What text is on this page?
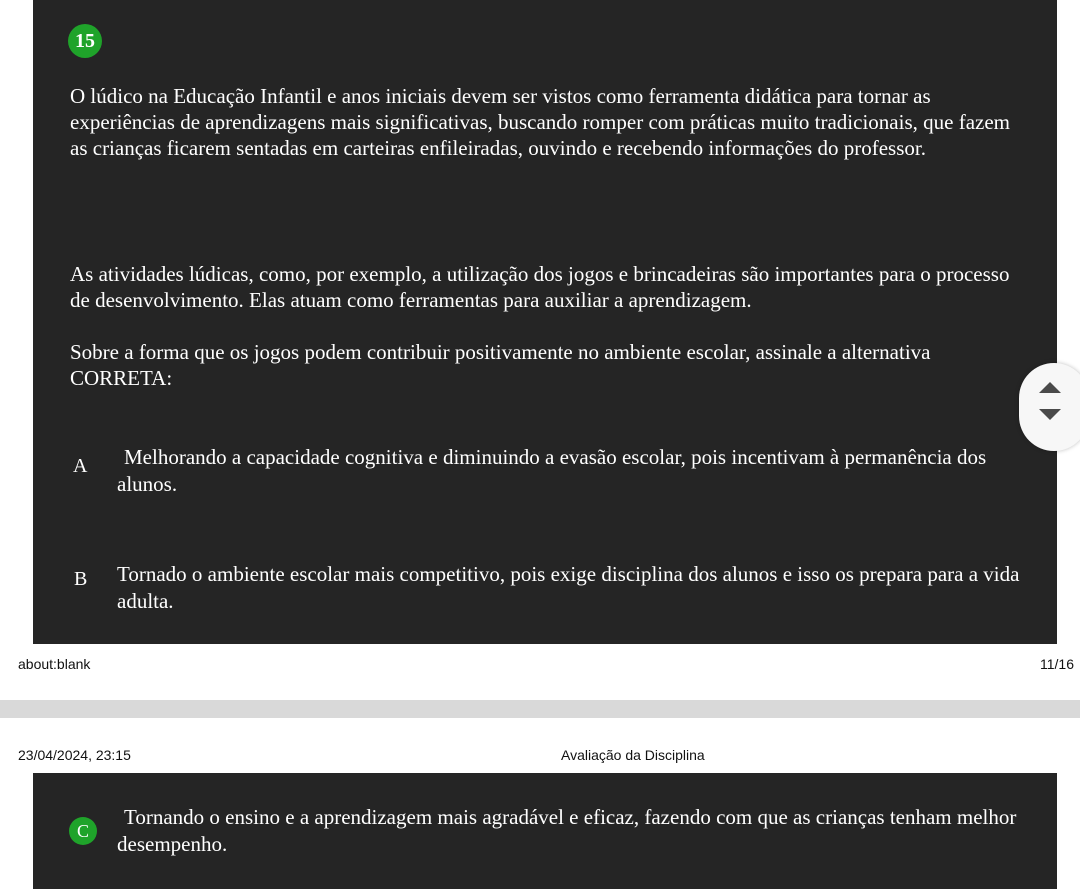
15

O lúdico na Educação Infantil e anos iniciais devem ser vistos como ferramenta didática para tornar as experiências de aprendizagens mais significativas, buscando romper com práticas muito tradicionais, que fazem as crianças ficarem sentadas em carteiras enfileiradas, ouvindo e recebendo informações do professor.

As atividades lúdicas, como, por exemplo, a utilização dos jogos e brincadeiras são importantes para o processo de desenvolvimento. Elas atuam como ferramentas para auxiliar a aprendizagem.

Sobre a forma que os jogos podem contribuir positivamente no ambiente escolar, assinale a alternativa CORRETA:

A	Melhorando a capacidade cognitiva e diminuindo a evasão escolar, pois incentivam à permanência dos alunos.

B Tornado o ambiente escolar mais competitivo, pois exige disciplina dos alunos e isso os prepara para a vida adulta.

about:blank	11/16
23/04/2024, 23:15	Avaliação da Disciplina
C

Tornando o ensino e a aprendizagem mais agradável e eficaz, fazendo com que as crianças tenham melhor desempenho.
